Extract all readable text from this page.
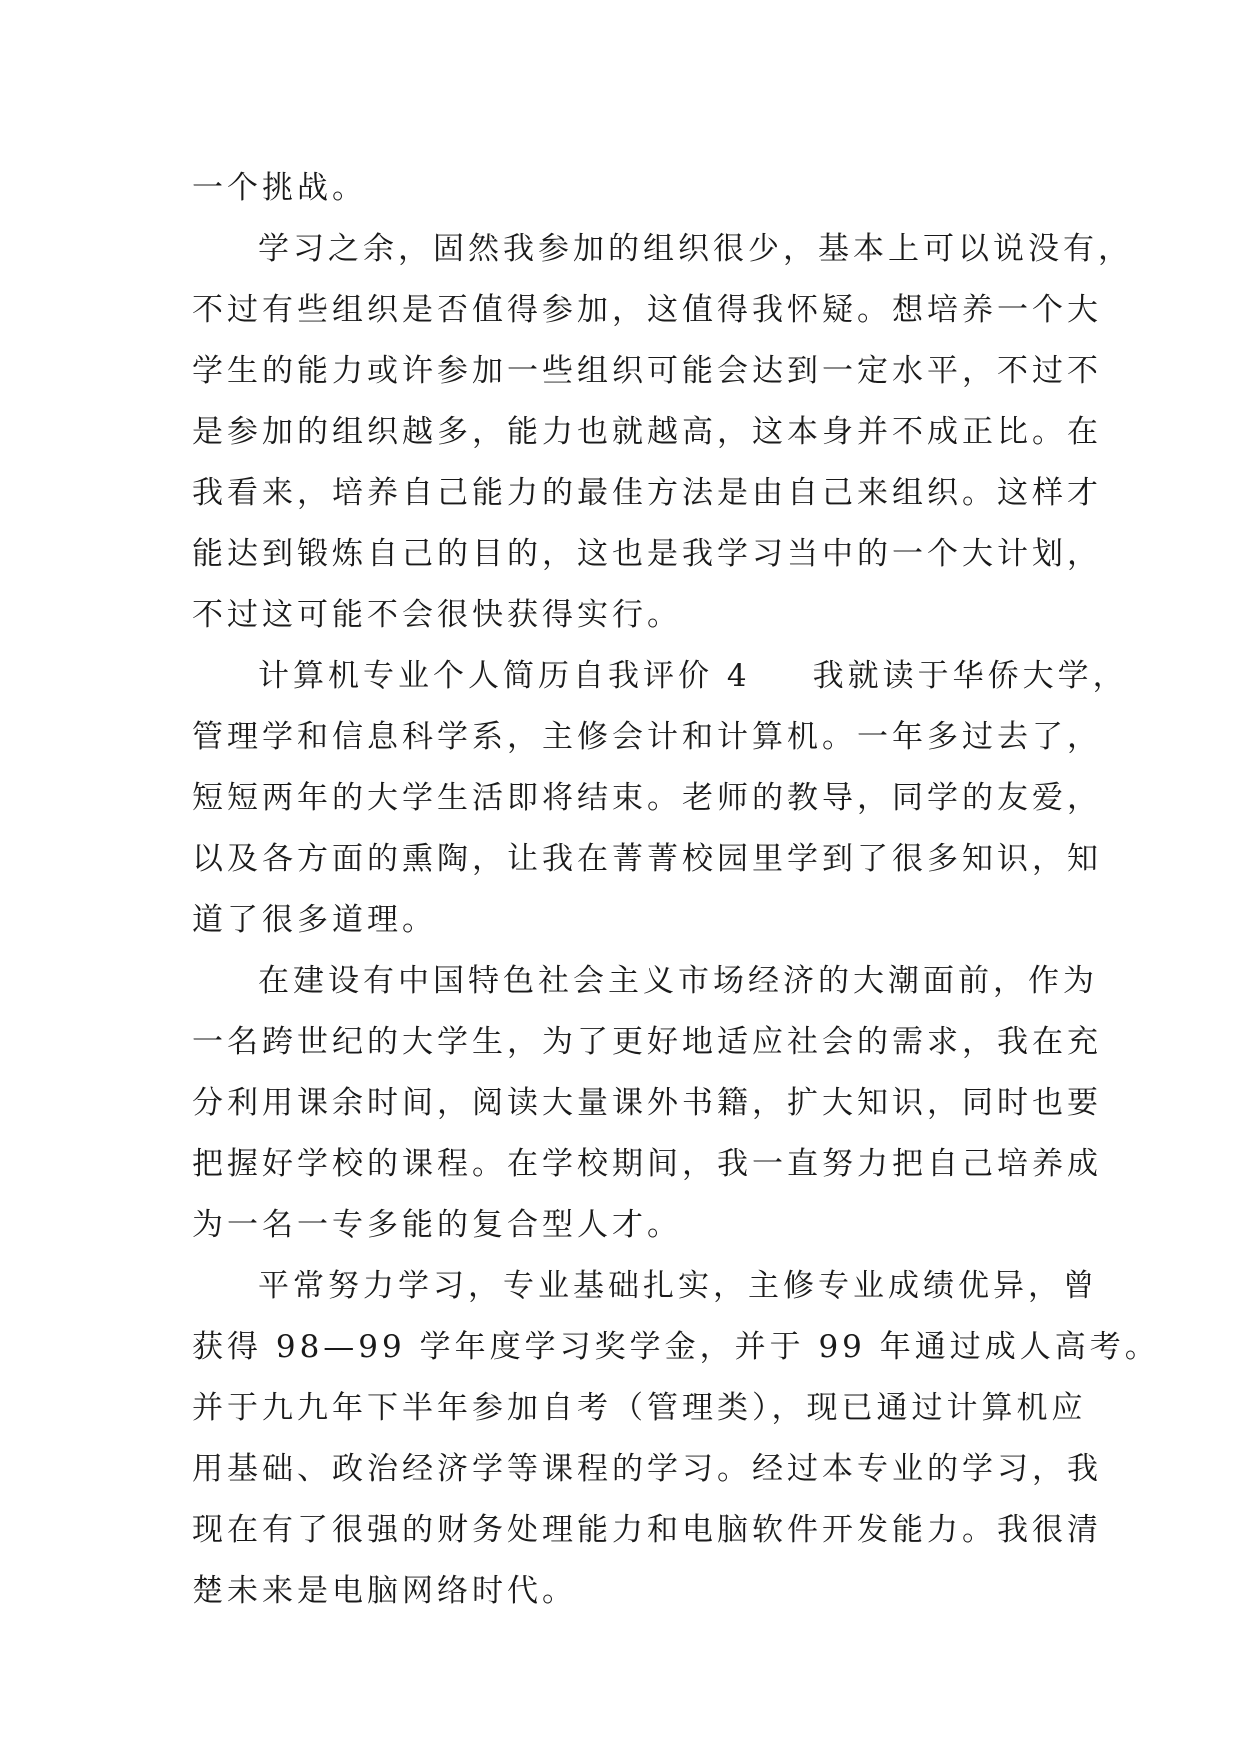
一个挑战。
学习之余，固然我参加的组织很少，基本上可以说没有，
不过有些组织是否值得参加，这值得我怀疑。想培养一个大
学生的能力或许参加一些组织可能会达到一定水平，不过不
是参加的组织越多，能力也就越高，这本身并不成正比。在
我看来，培养自己能力的最佳方法是由自己来组织。这样才
能达到锻炼自己的目的，这也是我学习当中的一个大计划，
不过这可能不会很快获得实行。
计算机专业个人简历自我评价 4 我就读于华侨大学，
管理学和信息科学系，主修会计和计算机。一年多过去了，
短短两年的大学生活即将结束。老师的教导，同学的友爱，
以及各方面的熏陶，让我在菁菁校园里学到了很多知识，知
道了很多道理。
在建设有中国特色社会主义市场经济的大潮面前，作为
一名跨世纪的大学生，为了更好地适应社会的需求，我在充
分利用课余时间，阅读大量课外书籍，扩大知识，同时也要
把握好学校的课程。在学校期间，我一直努力把自己培养成
为一名一专多能的复合型人才。
平常努力学习，专业基础扎实，主修专业成绩优异，曾
获得 98—99 学年度学习奖学金，并于 99 年通过成人高考。
并于九九年下半年参加自考（管理类），现已通过计算机应
用基础、政治经济学等课程的学习。经过本专业的学习，我
现在有了很强的财务处理能力和电脑软件开发能力。我很清
楚未来是电脑网络时代。
